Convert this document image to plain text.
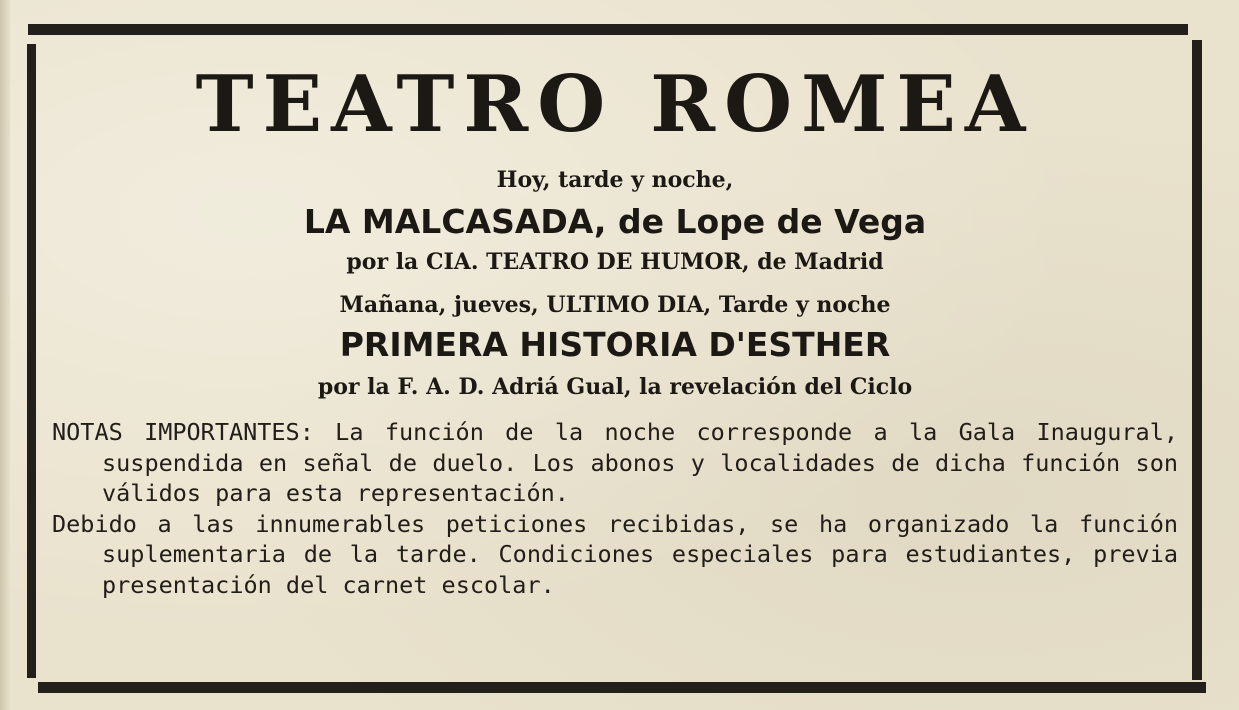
TEATRO ROMEA

Hoy, tarde y noche,

LA MALCASADA, de Lope de Vega

por la CIA. TEATRO DE HUMOR, de Madrid

Mañana, jueves, ULTIMO DIA, Tarde y noche

PRIMERA HISTORIA D'ESTHER

por la F. A. D. Adriá Gual, la revelación del Ciclo

NOTAS IMPORTANTES: La función de la noche corresponde a la Gala Inaugural, suspendida en señal de duelo. Los abonos y localidades de dicha función son válidos para esta representación.

Debido a las innumerables peticiones recibidas, se ha organizado la función suplementaria de la tarde. Condiciones especiales para estudiantes, previa presentación del carnet escolar.
